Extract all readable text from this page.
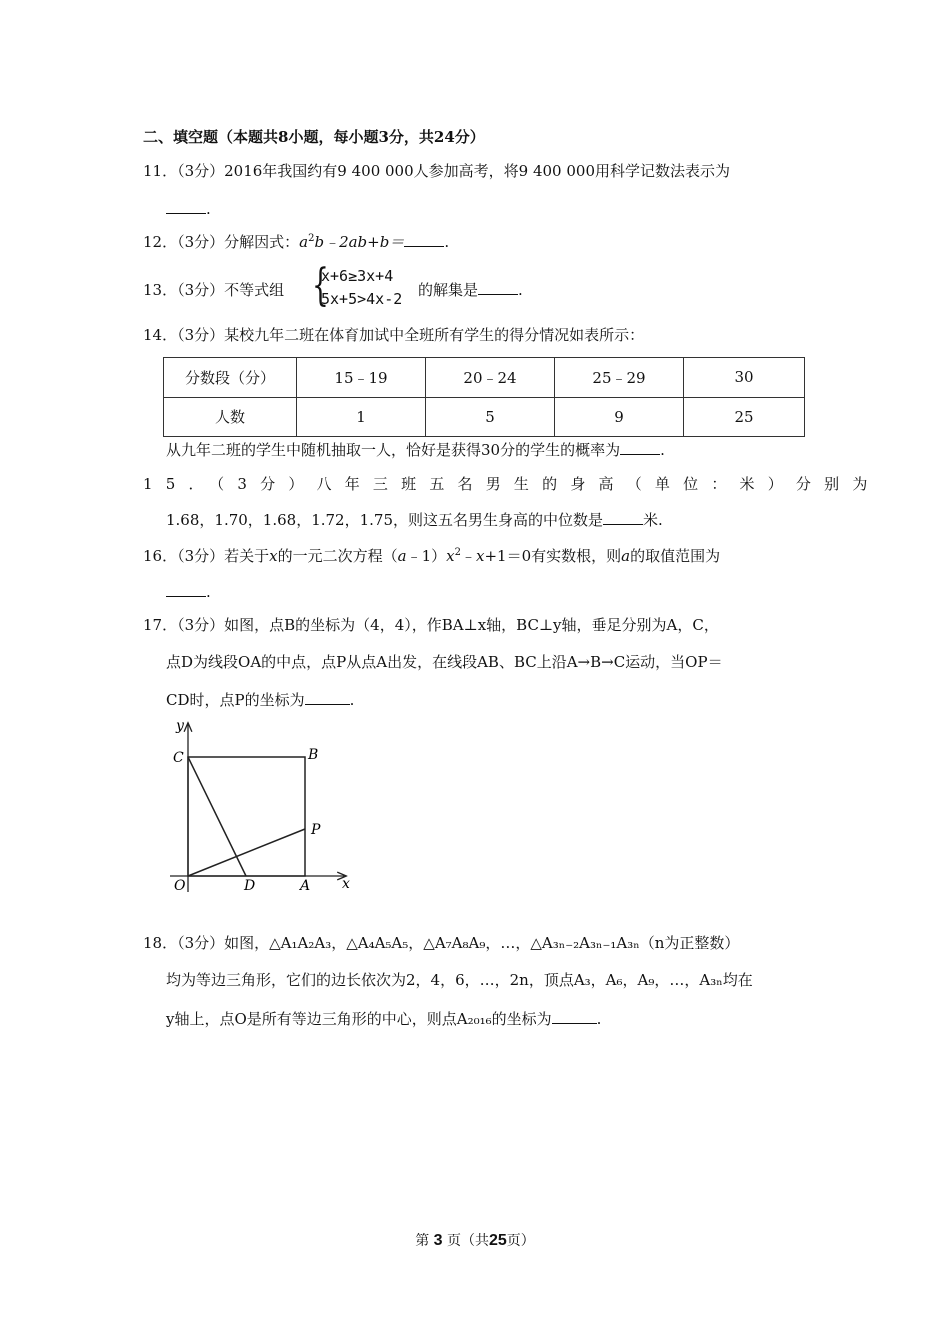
二、填空题（本题共8小题，每小题3分，共24分）
11．（3分）2016年我国约有9 400 000人参加高考，将9 400 000用科学记数法表示为
.
12．（3分）分解因式：$a^2b﹣2ab+b=$	.
13．（3分）不等式组 {
x+6≥3x+4
5x+5>4x-2 的解集是	.
14．（3分）某校九年二班在体育加试中全班所有学生的得分情况如表所示：
分数段（分）	15﹣19	20﹣24	25﹣29	30
人数	1	5	9	25
从九年二班的学生中随机抽取一人，恰好是获得30分的学生的概率为	.
15．（3分）八年三班五名男生的身高（单位：米）分别为
1.68，1.70，1.68，1.72，1.75，则这五名男生身高的中位数是	米.
16．（3分）若关于x的一元二次方程$(a﹣1)x^2﹣x+1=0$有实数根，则a的取值范围为
.
17．（3分）如图，点B的坐标为（4，4），作BA⊥x轴，BC⊥y轴，垂足分别为A，C，
点D为线段OA的中点，点P从点A出发，在线段AB、BC上沿A→B→C运动，当OP＝
CD时，点P的坐标为	.
y
C	B
P
O	D	A x
18．（3分）如图，△A₁A₂A₃，△A₄A₅A₅，△A₇A₈A₉，…，△A₃ₙ₋₂A₃ₙ₋₁A₃ₙ（n为正整数）
均为等边三角形，它们的边长依次为2，4，6，…，2n，顶点A₃，A₆，A₉，…，A₃ₙ均在
y轴上，点O是所有等边三角形的中心，则点A₂₀₁₆的坐标为	.
第 3 页（共25页）
